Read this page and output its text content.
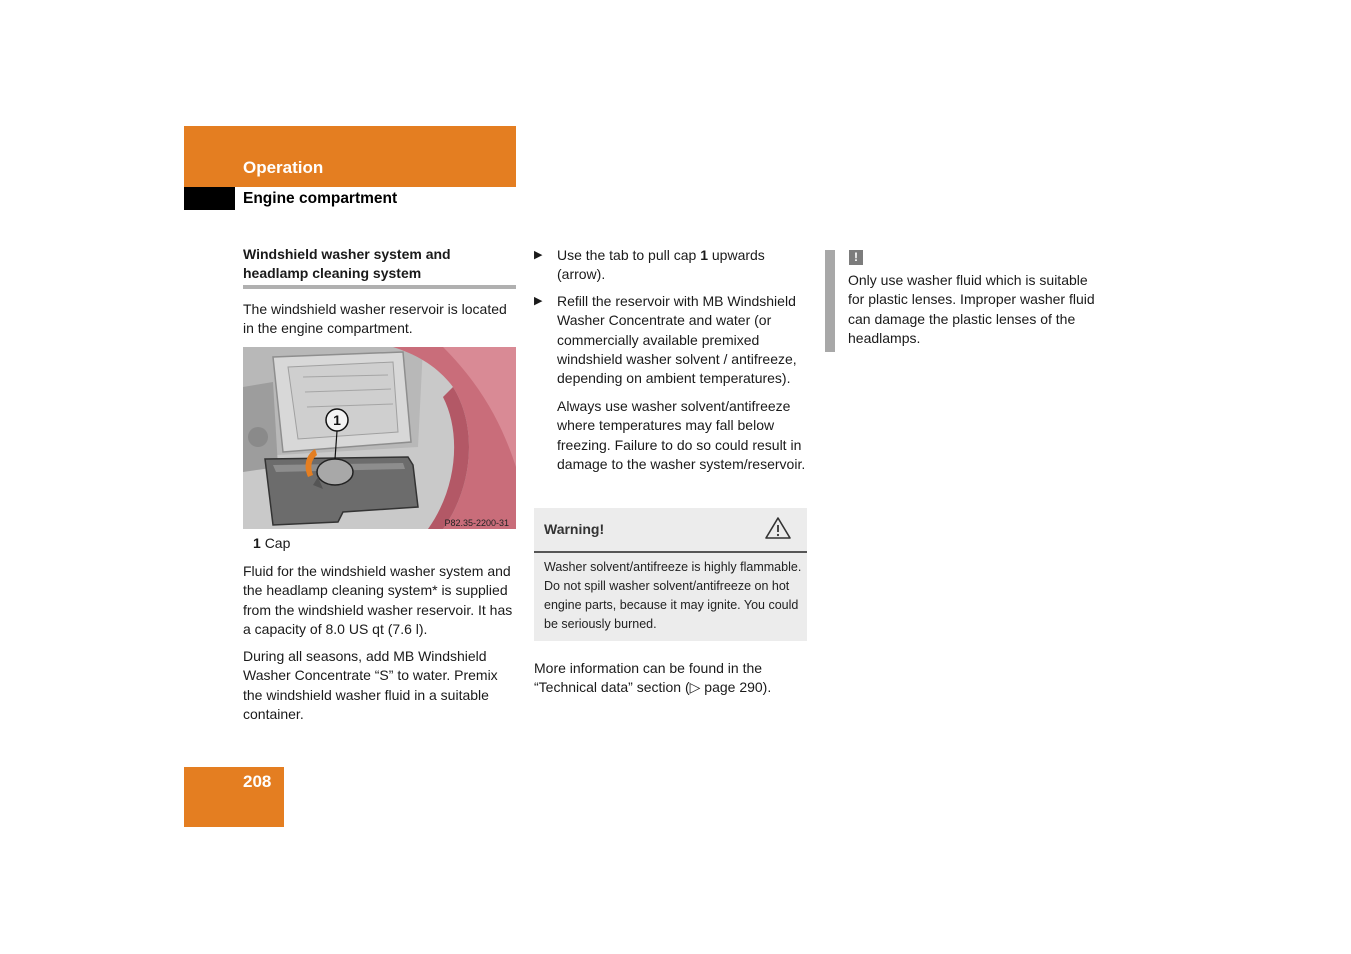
Operation
Engine compartment
Windshield washer system and
headlamp cleaning system

The windshield washer reservoir is located in the engine compartment.

1
P82.35-2200-31
1 Cap

Fluid for the windshield washer system and the headlamp cleaning system* is supplied from the windshield washer reservoir. It has a capacity of 8.0 US qt (7.6 l).

During all seasons, add MB Windshield Washer Concentrate “S” to water. Premix the windshield washer fluid in a suitable container.

▶ Use the tab to pull cap 1 upwards (arrow).
▶ Refill the reservoir with MB Windshield Washer Concentrate and water (or commercially available premixed windshield washer solvent / antifreeze, depending on ambient temperatures).

Always use washer solvent/antifreeze where temperatures may fall below freezing. Failure to do so could result in damage to the washer system/reservoir.

Warning!
Washer solvent/antifreeze is highly flammable. Do not spill washer solvent/antifreeze on hot engine parts, because it may ignite. You could be seriously burned.

More information can be found in the “Technical data” section (▷ page 290).

!

Only use washer fluid which is suitable for plastic lenses. Improper washer fluid can damage the plastic lenses of the headlamps.

208
